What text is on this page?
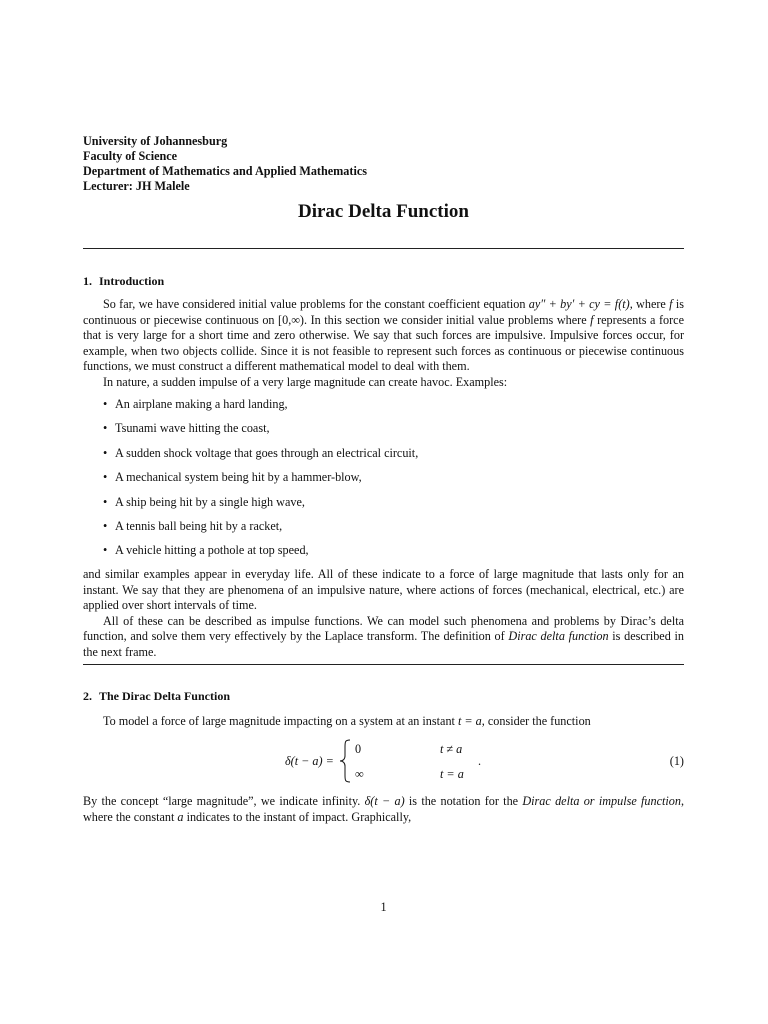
University of Johannesburg
Faculty of Science
Department of Mathematics and Applied Mathematics
Lecturer: JH Malele
Dirac Delta Function
1. Introduction

So far, we have considered initial value problems for the constant coefficient equation ay″ + by′ + cy = f(t), where f is continuous or piecewise continuous on [0,∞). In this section we consider initial value problems where f represents a force that is very large for a short time and zero otherwise. We say that such forces are impulsive. Impulsive forces occur, for example, when two objects collide. Since it is not feasible to represent such forces as continuous or piecewise continuous functions, we must construct a different mathematical model to deal with them.

In nature, a sudden impulse of a very large magnitude can create havoc. Examples:

• An airplane making a hard landing,
• Tsunami wave hitting the coast,
• A sudden shock voltage that goes through an electrical circuit,
• A mechanical system being hit by a hammer-blow,
• A ship being hit by a single high wave,
• A tennis ball being hit by a racket,
• A vehicle hitting a pothole at top speed,

and similar examples appear in everyday life. All of these indicate to a force of large magnitude that lasts only for an instant. We say that they are phenomena of an impulsive nature, where actions of forces (mechanical, electrical, etc.) are applied over short intervals of time.

All of these can be described as impulse functions. We can model such phenomena and problems by Dirac’s delta function, and solve them very effectively by the Laplace transform. The definition of Dirac delta function is described in the next frame.

2. The Dirac Delta Function

To model a force of large magnitude impacting on a system at an instant t = a, consider the function

δ(t − a) =
0	t ≠ a
∞	t = a
.	(1)

By the concept “large magnitude”, we indicate infinity. δ(t − a) is the notation for the Dirac delta or impulse function, where the constant a indicates to the instant of impact. Graphically,

1
